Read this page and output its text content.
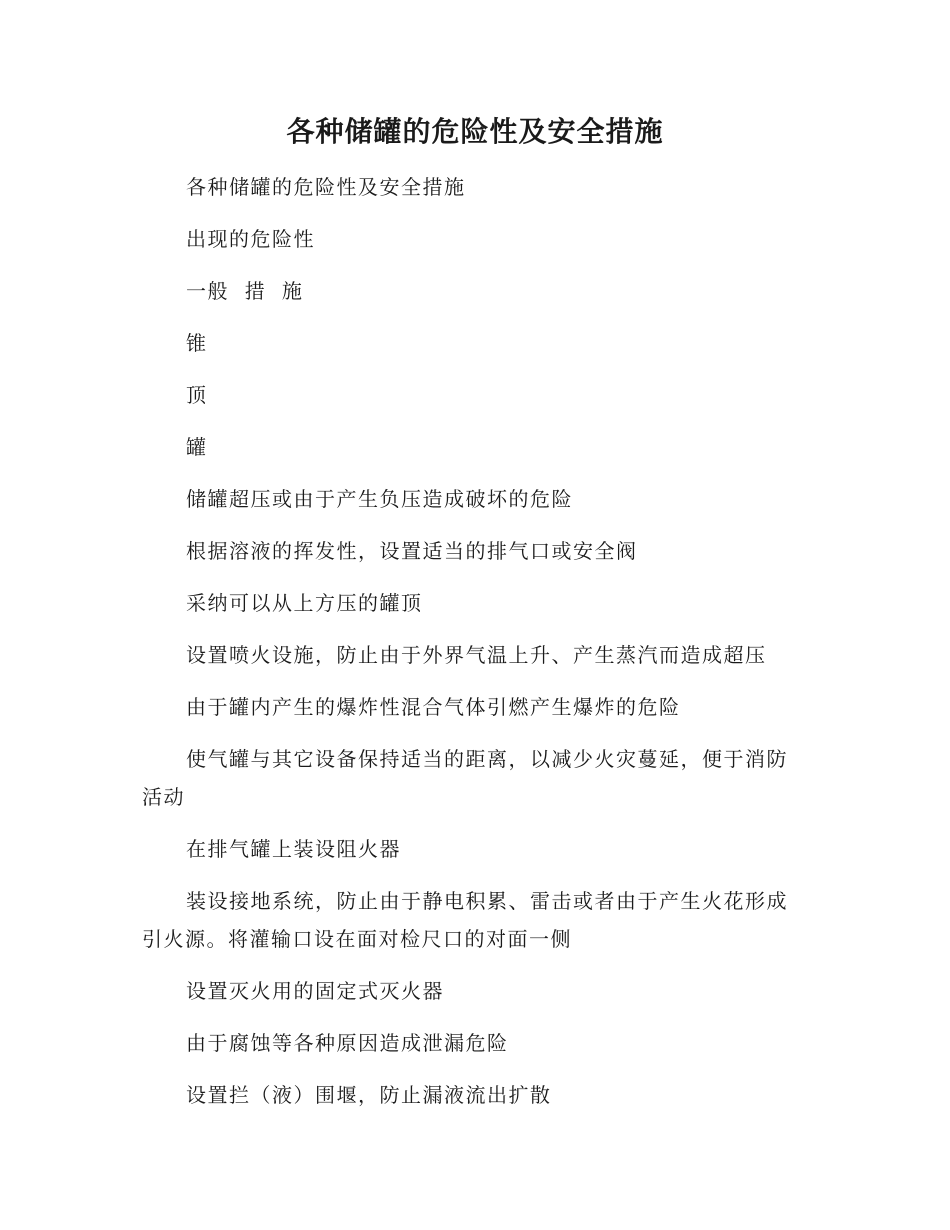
各种储罐的危险性及安全措施

各种储罐的危险性及安全措施

出现的危险性

一般  措  施

锥

顶

罐

储罐超压或由于产生负压造成破坏的危险

根据溶液的挥发性，设置适当的排气口或安全阀

采纳可以从上方压的罐顶

设置喷火设施，防止由于外界气温上升、产生蒸汽而造成超压

由于罐内产生的爆炸性混合气体引燃产生爆炸的危险

使气罐与其它设备保持适当的距离，以减少火灾蔓延，便于消防活动

在排气罐上装设阻火器

装设接地系统，防止由于静电积累、雷击或者由于产生火花形成引火源。将灌输口设在面对检尺口的对面一侧

设置灭火用的固定式灭火器

由于腐蚀等各种原因造成泄漏危险

设置拦（液）围堰，防止漏液流出扩散
